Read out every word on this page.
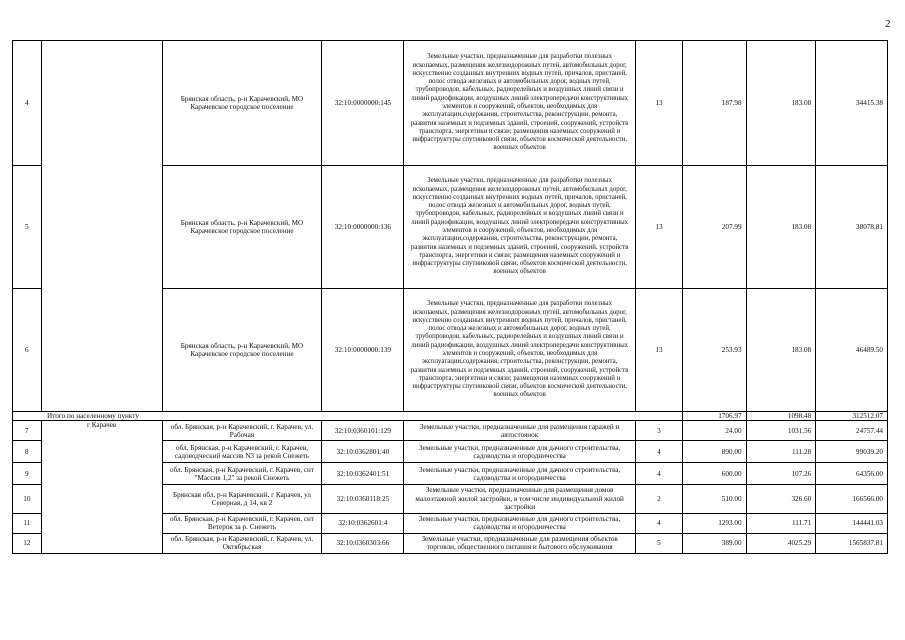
2
4		Брянская область, р-н Карачевский, МО Карачевское городское поселение	32:10:0000000:145	Земельные участки, предназначенные для разработки полезных ископаемых, размещения железнодорожных путей, автомобильных дорог, искусственно созданных внутренних водных путей, причалов, пристаней, полос отвода железных и автомобильных дорог, водных путей, трубопроводов, кабельных, радиорелейных и воздушных линий связи и линий радиофикации, воздушных линий электропередачи конструктивных элементов и сооружений, объектов, необходимых для эксплуатации,содержания, строительства, реконструкции, ремонта, развития наземных и подземных зданий, строений, сооружений, устройств транспорта, энергетики и связи; размещения наземных сооружений и инфраструктуры спутниковой связи, объектов космической деятельности, военных объектов	13	187.98	183.08	34415.38
5		Брянская область, р-н Карачевский, МО Карачевское городское поселение	32:10:0000000:136	Земельные участки, предназначенные для разработки полезных ископаемых, размещения железнодорожных путей, автомобильных дорог, искусственно созданных внутренних водных путей, причалов, пристаней, полос отвода железных и автомобильных дорог, водных путей, трубопроводов, кабельных, радиорелейных и воздушных линий связи и линий радиофикации, воздушных линий электропередачи конструктивных элементов и сооружений, объектов, необходимых для эксплуатации,содержания, строительства, реконструкции, ремонта, развития наземных и подземных зданий, строений, сооружений, устройств транспорта, энергетики и связи; размещения наземных сооружений и инфраструктуры спутниковой связи, объектов космической деятельности, военных объектов	13	207.99	183.08	38078.81
6		Брянская область, р-н Карачевский, МО Карачевское городское поселение	32:10:0000000:139	Земельные участки, предназначенные для разработки полезных ископаемых, размещения железнодорожных путей, автомобильных дорог, искусственно созданных внутренних водных путей, причалов, пристаней, полос отвода железных и автомобильных дорог, водных путей, трубопроводов, кабельных, радиорелейных и воздушных линий связи и линий радиофикации, воздушных линий электропередачи конструктивных элементов и сооружений, объектов, необходимых для эксплуатации,содержания, строительства, реконструкции, ремонта, развития наземных и подземных зданий, строений, сооружений, устройств транспорта, энергетики и связи; размещения наземных сооружений и инфраструктуры спутниковой связи, объектов космической деятельности, военных объектов	13	253.93	183.08	46489.50
Итого по населенному пункту						1706.97	1098.48	312512.07
7	г Карачев	обл. Брянская, р-н Карачевский, г. Карачев, ул. Рабочая	32:10:0360101:129	Земельные участки, предназначенные для размещения гаражей и автостоянок	3	24.00	1031.56	24757.44
8		обл. Брянская, р-н Карачевский, г. Карачев, садоводческий массив N3 за рекой Снежеть	32:10:0362801:40	Земельные участки, предназначенные для дачного строительства, садоводства и огородничества	4	890.00	111.28	99039.20
9		обл. Брянская, р-н Карачевский, г. Карачев, снт "Массив 1,2" за рекой Снежеть	32:10:0362401:51	Земельные участки, предназначенные для дачного строительства, садоводства и огородничества	4	600.00	107.26	64356.00
10		Брянская обл, р-н Карачевский, г Карачев, ул Северная, д 14, кв 2	32:10:0360118:25	Земельные участки, предназначенные для размещения домов малоэтажной жилой застройки, в том числе индивидуальной жилой застройки	2	510.00	326.60	166566.00
11		обл. Брянская, р-н Карачевский, г. Карачев, снт Ветерок за р. Снежеть	32:10:0362601:4	Земельные участки, предназначенные для дачного строительства, садоводства и огородничества	4	1293.00	111.71	144441.03
12		обл. Брянская, р-н Карачевский, г. Карачев, ул. Октябрьская	32:10:0360303:66	Земельные участки, предназначенные для размещения объектов торговли, общественного питания и бытового обслуживания	5	389.00	4025.29	1565837.81
